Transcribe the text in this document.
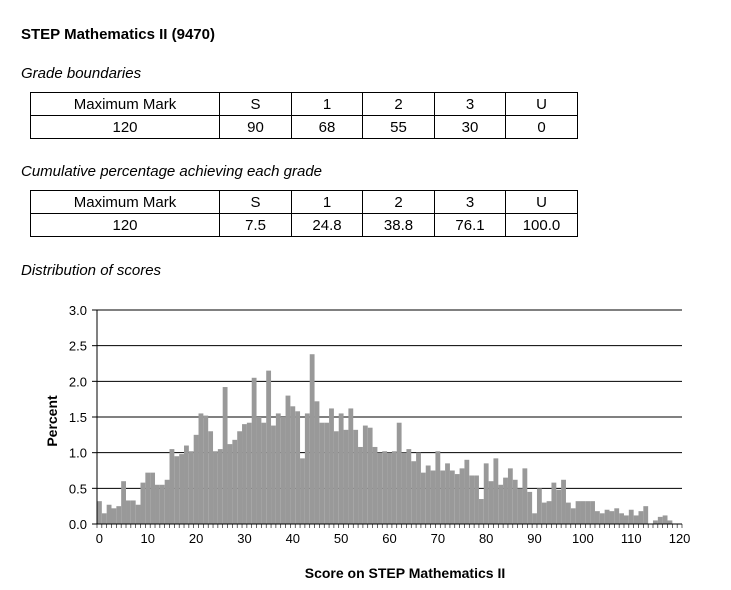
STEP Mathematics II (9470)
Grade boundaries
Maximum Mark	S	1	2	3	U
120	90	68	55	30	0
Cumulative percentage achieving each grade
Maximum Mark	S	1	2	3	U
120	7.5	24.8	38.8	76.1	100.0
Distribution of scores
0.0
0.5
1.0
1.5
2.0
2.5
3.0
0	10	20	30	40	50	60	70	80	90 100 110 120
Percent
Score on STEP Mathematics II
